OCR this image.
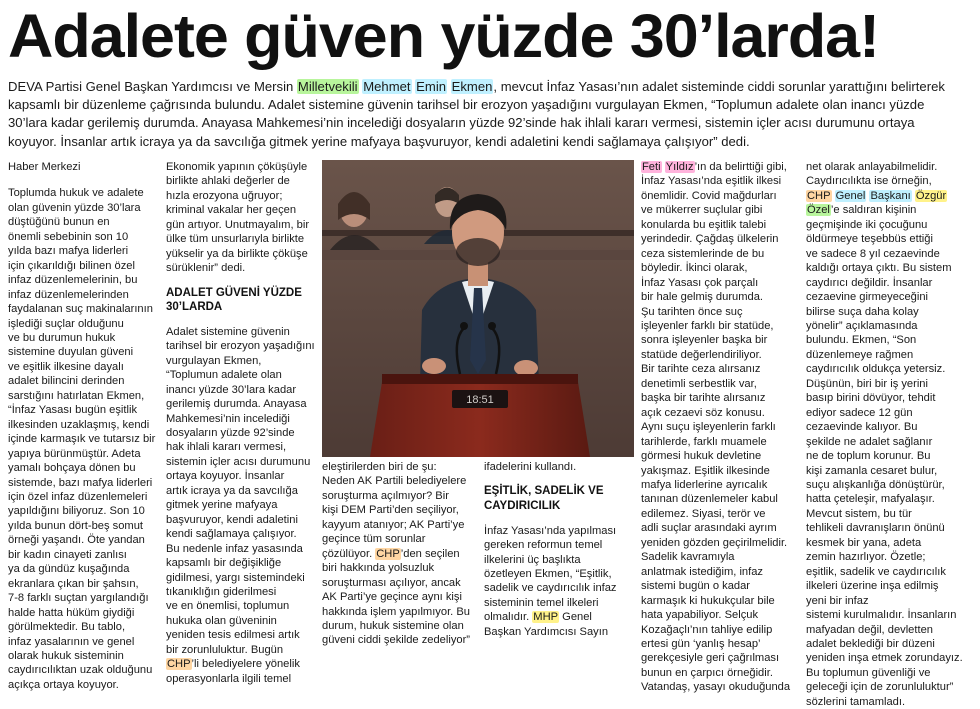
Adalete güven yüzde 30’larda!
DEVA Partisi Genel Başkan Yardımcısı ve Mersin Milletvekili Mehmet Emin Ekmen, mevcut İnfaz Yasası’nın adalet sisteminde ciddi sorunlar yarattığını belirterek kapsamlı bir düzenleme çağrısında bulundu. Adalet sistemine güvenin tarihsel bir erozyon yaşadığını vurgulayan Ekmen, “Toplumun adalete olan inancı yüzde 30’lara kadar gerilemiş durumda. Anayasa Mahkemesi’nin incelediği dosyaların yüzde 92’sinde hak ihlali kararı vermesi, sistemin içler acısı durumunu ortaya koyuyor. İnsanlar artık icraya ya da savcılığa gitmek yerine mafyaya başvuruyor, kendi adaletini kendi sağlamaya çalışıyor” dedi.

Haber Merkezi

Toplumda hukuk ve adalete
olan güvenin yüzde 30’lara
düştüğünü bunun en
önemli sebebinin son 10
yılda bazı mafya liderleri
için çıkarıldığı bilinen özel
infaz düzenlemelerinin, bu
infaz düzenlemelerinden
faydalanan suç makinalarının
işlediği suçlar olduğunu
ve bu durumun hukuk
sistemine duyulan güveni
ve eşitlik ilkesine dayalı
adalet bilincini derinden
sarstığını hatırlatan Ekmen,
“İnfaz Yasası bugün eşitlik
ilkesinden uzaklaşmış, kendi
içinde karmaşık ve tutarsız bir
yapıya bürünmüştür. Adeta
yamalı bohçaya dönen bu
sistemde, bazı mafya liderleri
için özel infaz düzenlemeleri
yapıldığını biliyoruz. Son 10
yılda bunun dört-beş somut
örneği yaşandı. Öte yandan
bir kadın cinayeti zanlısı
ya da gündüz kuşağında
ekranlara çıkan bir şahsın,
7-8 farklı suçtan yargılandığı
halde hatta hüküm giydiği
görülmektedir. Bu tablo,
infaz yasalarının ve genel
olarak hukuk sisteminin
caydırıcılıktan uzak olduğunu
açıkça ortaya koyuyor.
Ekonomik yapının çöküşüyle
birlikte ahlaki değerler de
hızla erozyona uğruyor;
kriminal vakalar her geçen
gün artıyor. Unutmayalım, bir
ülke tüm unsurlarıyla birlikte
yükselir ya da birlikte çöküşe
sürüklenir” dedi.
ADALET GÜVENİ YÜZDE
30’LARDA
Adalet sistemine güvenin
tarihsel bir erozyon yaşadığını
vurgulayan Ekmen,
“Toplumun adalete olan
inancı yüzde 30’lara kadar
gerilemiş durumda. Anayasa
Mahkemesi’nin incelediği
dosyaların yüzde 92’sinde
hak ihlali kararı vermesi,
sistemin içler acısı durumunu
ortaya koyuyor. İnsanlar
artık icraya ya da savcılığa
gitmek yerine mafyaya
başvuruyor, kendi adaletini
kendi sağlamaya çalışıyor.
Bu nedenle infaz yasasında
kapsamlı bir değişikliğe
gidilmesi, yargı sistemindeki
tıkanıklığın giderilmesi
ve en önemlisi, toplumun
hukuka olan güveninin
yeniden tesis edilmesi artık
bir zorunluluktur. Bugün
CHP’li belediyelere yönelik
operasyonlarla ilgili temel
18:51
eleştirilerden biri de şu:
Neden AK Partili belediyelere
soruşturma açılmıyor? Bir
kişi DEM Parti’den seçiliyor,
kayyum atanıyor; AK Parti’ye
geçince tüm sorunlar
çözülüyor. CHP’den seçilen
biri hakkında yolsuzluk
soruşturması açılıyor, ancak
AK Parti’ye geçince aynı kişi
hakkında işlem yapılmıyor. Bu
durum, hukuk sistemine olan
güveni ciddi şekilde zedeliyor”
ifadelerini kullandı.
EŞİTLİK, SADELİK VE
CAYDIRICILIK
İnfaz Yasası’nda yapılması
gereken reformun temel
ilkelerini üç başlıkta
özetleyen Ekmen, “Eşitlik,
sadelik ve caydırıcılık infaz
sisteminin temel ilkeleri
olmalıdır. MHP Genel
Başkan Yardımcısı Sayın
Feti Yıldız’ın da belirttiği gibi,
İnfaz Yasası’nda eşitlik ilkesi
önemlidir. Covid mağdurları
ve mükerrer suçlular gibi
konularda bu eşitlik talebi
yerindedir. Çağdaş ülkelerin
ceza sistemlerinde de bu
böyledir. İkinci olarak,
İnfaz Yasası çok parçalı
bir hale gelmiş durumda.
Şu tarihten önce suç
işleyenler farklı bir statüde,
sonra işleyenler başka bir
statüde değerlendiriliyor.
Bir tarihte ceza alırsanız
denetimli serbestlik var,
başka bir tarihte alırsanız
açık cezaevi söz konusu.
Aynı suçu işleyenlerin farklı
tarihlerde, farklı muamele
görmesi hukuk devletine
yakışmaz. Eşitlik ilkesinde
mafya liderlerine ayrıcalık
tanınan düzenlemeler kabul
edilemez. Siyasi, terör ve
adli suçlar arasındaki ayrım
yeniden gözden geçirilmelidir.
Sadelik kavramıyla
anlatmak istediğim, infaz
sistemi bugün o kadar
karmaşık ki hukukçular bile
hata yapabiliyor. Selçuk
Kozağaçlı’nın tahliye edilip
ertesi gün ‘yanlış hesap’
gerekçesiyle geri çağrılması
bunun en çarpıcı örneğidir.
Vatandaş, yasayı okuduğunda
net olarak anlayabilmelidir.
Caydırıcılıkta ise örneğin,
CHP Genel Başkanı Özgür
Özel’e saldıran kişinin
geçmişinde iki çocuğunu
öldürmeye teşebbüs ettiği
ve sadece 8 yıl cezaevinde
kaldığı ortaya çıktı. Bu sistem
caydırıcı değildir. İnsanlar
cezaevine girmeyeceğini
bilirse suça daha kolay
yönelir” açıklamasında
bulundu. Ekmen, “Son
düzenlemeye rağmen
caydırıcılık oldukça yetersiz.
Düşünün, biri bir iş yerini
basıp birini dövüyor, tehdit
ediyor sadece 12 gün
cezaevinde kalıyor. Bu
şekilde ne adalet sağlanır
ne de toplum korunur. Bu
kişi zamanla cesaret bulur,
suçu alışkanlığa dönüştürür,
hatta çeteleşir, mafyalaşır.
Mevcut sistem, bu tür
tehlikeli davranışların önünü
kesmek bir yana, adeta
zemin hazırlıyor. Özetle;
eşitlik, sadelik ve caydırıcılık
ilkeleri üzerine inşa edilmiş
yeni bir infaz
sistemi kurulmalıdır. İnsanların
mafyadan değil, devletten
adalet beklediği bir düzeni
yeniden inşa etmek zorundayız.
Bu toplumun güvenliği ve
geleceği için de zorunluluktur”
sözlerini tamamladı.
